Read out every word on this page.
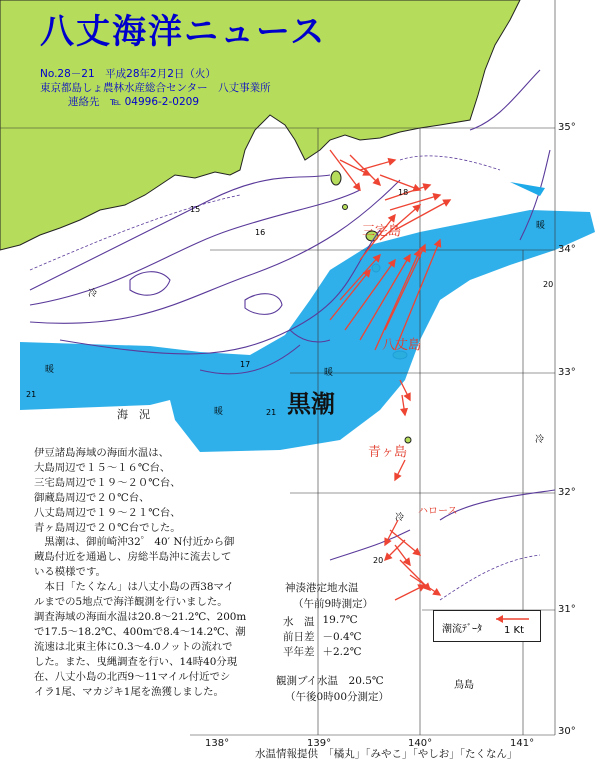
八丈海洋ニュース
No.28－21　平成28年2月2日（火）
東京都島しょ農林水産総合センター　八丈事業所
連絡先　℡ 04996-2-0209
三宅島
八丈島
青ヶ島
ハロース
鳥島
黒潮
海　況
冷
冷
冷
暖
暖
暖
暖
15
16
17
18
20
21
21
20

伊豆諸島海域の海面水温は、

大島周辺で１５～１６℃台、

三宅島周辺で１９～２０℃台、

御蔵島周辺で２０℃台、

八丈島周辺で１９～２１℃台、

青ヶ島周辺で２０℃台でした。

　黒潮は、御前崎沖32゜ 40′ N付近から御

蔵島付近を通過し、房総半島沖に流去して

いる模様です。

　本日「たくなん」は八丈小島の西38マイ

ルまでの5地点で海洋観測を行いました。

調査海域の海面水温は20.8～21.2℃、200m

で17.5～18.2℃、400mで8.4～14.2℃、潮

流速は北東主体に0.3～4.0ノットの流れで

した。また、曳縄調査を行い、14時40分現

在、八丈小島の北西9～11マイル付近でシ

イラ1尾、マカジキ1尾を漁獲しました。

神湊港定地水温
（午前9時測定）
水　温 19.7℃
前日差 －0.4℃
平年差 ＋2.2℃
観測ブイ水温　20.5℃
（午後0時00分測定）
潮流ﾃﾞｰﾀ 1 Kt
35°
34°
33°
32°
31°
30°
138°	139°	140°	141°
水温情報提供　「橘丸」「みやこ」「やしお」「たくなん」
